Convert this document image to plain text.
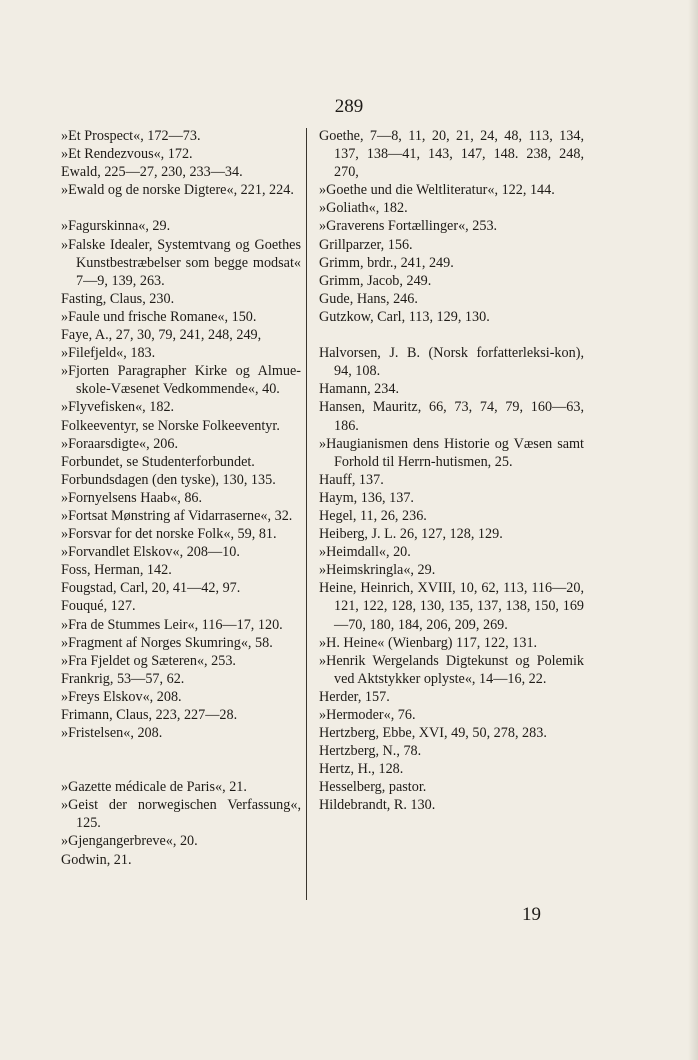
289
»Et Prospect«, 172—73.
»Et Rendezvous«, 172.
Ewald, 225—27, 230, 233—34.
»Ewald og de norske Digtere«, 221, 224.
»Fagurskinna«, 29.
»Falske Idealer, Systemtvang og Goethes Kunstbestræbelser som begge modsat« 7—9, 139, 263.
Fasting, Claus, 230.
»Faule und frische Romane«, 150.
Faye, A., 27, 30, 79, 241, 248, 249,
»Filefjeld«, 183.
»Fjorten Paragrapher Kirke og Almue-skole-Væsenet Vedkommende«, 40.
»Flyvefisken«, 182.
Folkeeventyr, se Norske Folkeeventyr.
»Foraarsdigte«, 206.
Forbundet, se Studenterforbundet.
Forbundsdagen (den tyske), 130, 135.
»Fornyelsens Haab«, 86.
»Fortsat Mønstring af Vidarraserne«, 32.
»Forsvar for det norske Folk«, 59, 81.
»Forvandlet Elskov«, 208—10.
Foss, Herman, 142.
Fougstad, Carl, 20, 41—42, 97.
Fouqué, 127.
»Fra de Stummes Leir«, 116—17, 120.
»Fragment af Norges Skumring«, 58.
»Fra Fjeldet og Sæteren«, 253.
Frankrig, 53—57, 62.
»Freys Elskov«, 208.
Frimann, Claus, 223, 227—28.
»Fristelsen«, 208.
»Gazette médicale de Paris«, 21.
»Geist der norwegischen Verfassung«, 125.
»Gjengangerbreve«, 20.
Godwin, 21.
Goethe, 7—8, 11, 20, 21, 24, 48, 113, 134, 137, 138—41, 143, 147, 148. 238, 248, 270,
»Goethe und die Weltliteratur«, 122, 144.
»Goliath«, 182.
»Graverens Fortællinger«, 253.
Grillparzer, 156.
Grimm, brdr., 241, 249.
Grimm, Jacob, 249.
Gude, Hans, 246.
Gutzkow, Carl, 113, 129, 130.
Halvorsen, J. B. (Norsk forfatterleksi-kon), 94, 108.
Hamann, 234.
Hansen, Mauritz, 66, 73, 74, 79, 160—63, 186.
»Haugianismen dens Historie og Væsen samt Forhold til Herrn-hutismen, 25.
Hauff, 137.
Haym, 136, 137.
Hegel, 11, 26, 236.
Heiberg, J. L. 26, 127, 128, 129.
»Heimdall«, 20.
»Heimskringla«, 29.
Heine, Heinrich, XVIII, 10, 62, 113, 116—20, 121, 122, 128, 130, 135, 137, 138, 150, 169—70, 180, 184, 206, 209, 269.
»H. Heine« (Wienbarg) 117, 122, 131.
»Henrik Wergelands Digtekunst og Polemik ved Aktstykker oplyste«, 14—16, 22.
Herder, 157.
»Hermoder«, 76.
Hertzberg, Ebbe, XVI, 49, 50, 278, 283.
Hertzberg, N., 78.
Hertz, H., 128.
Hesselberg, pastor.
Hildebrandt, R. 130.
19
